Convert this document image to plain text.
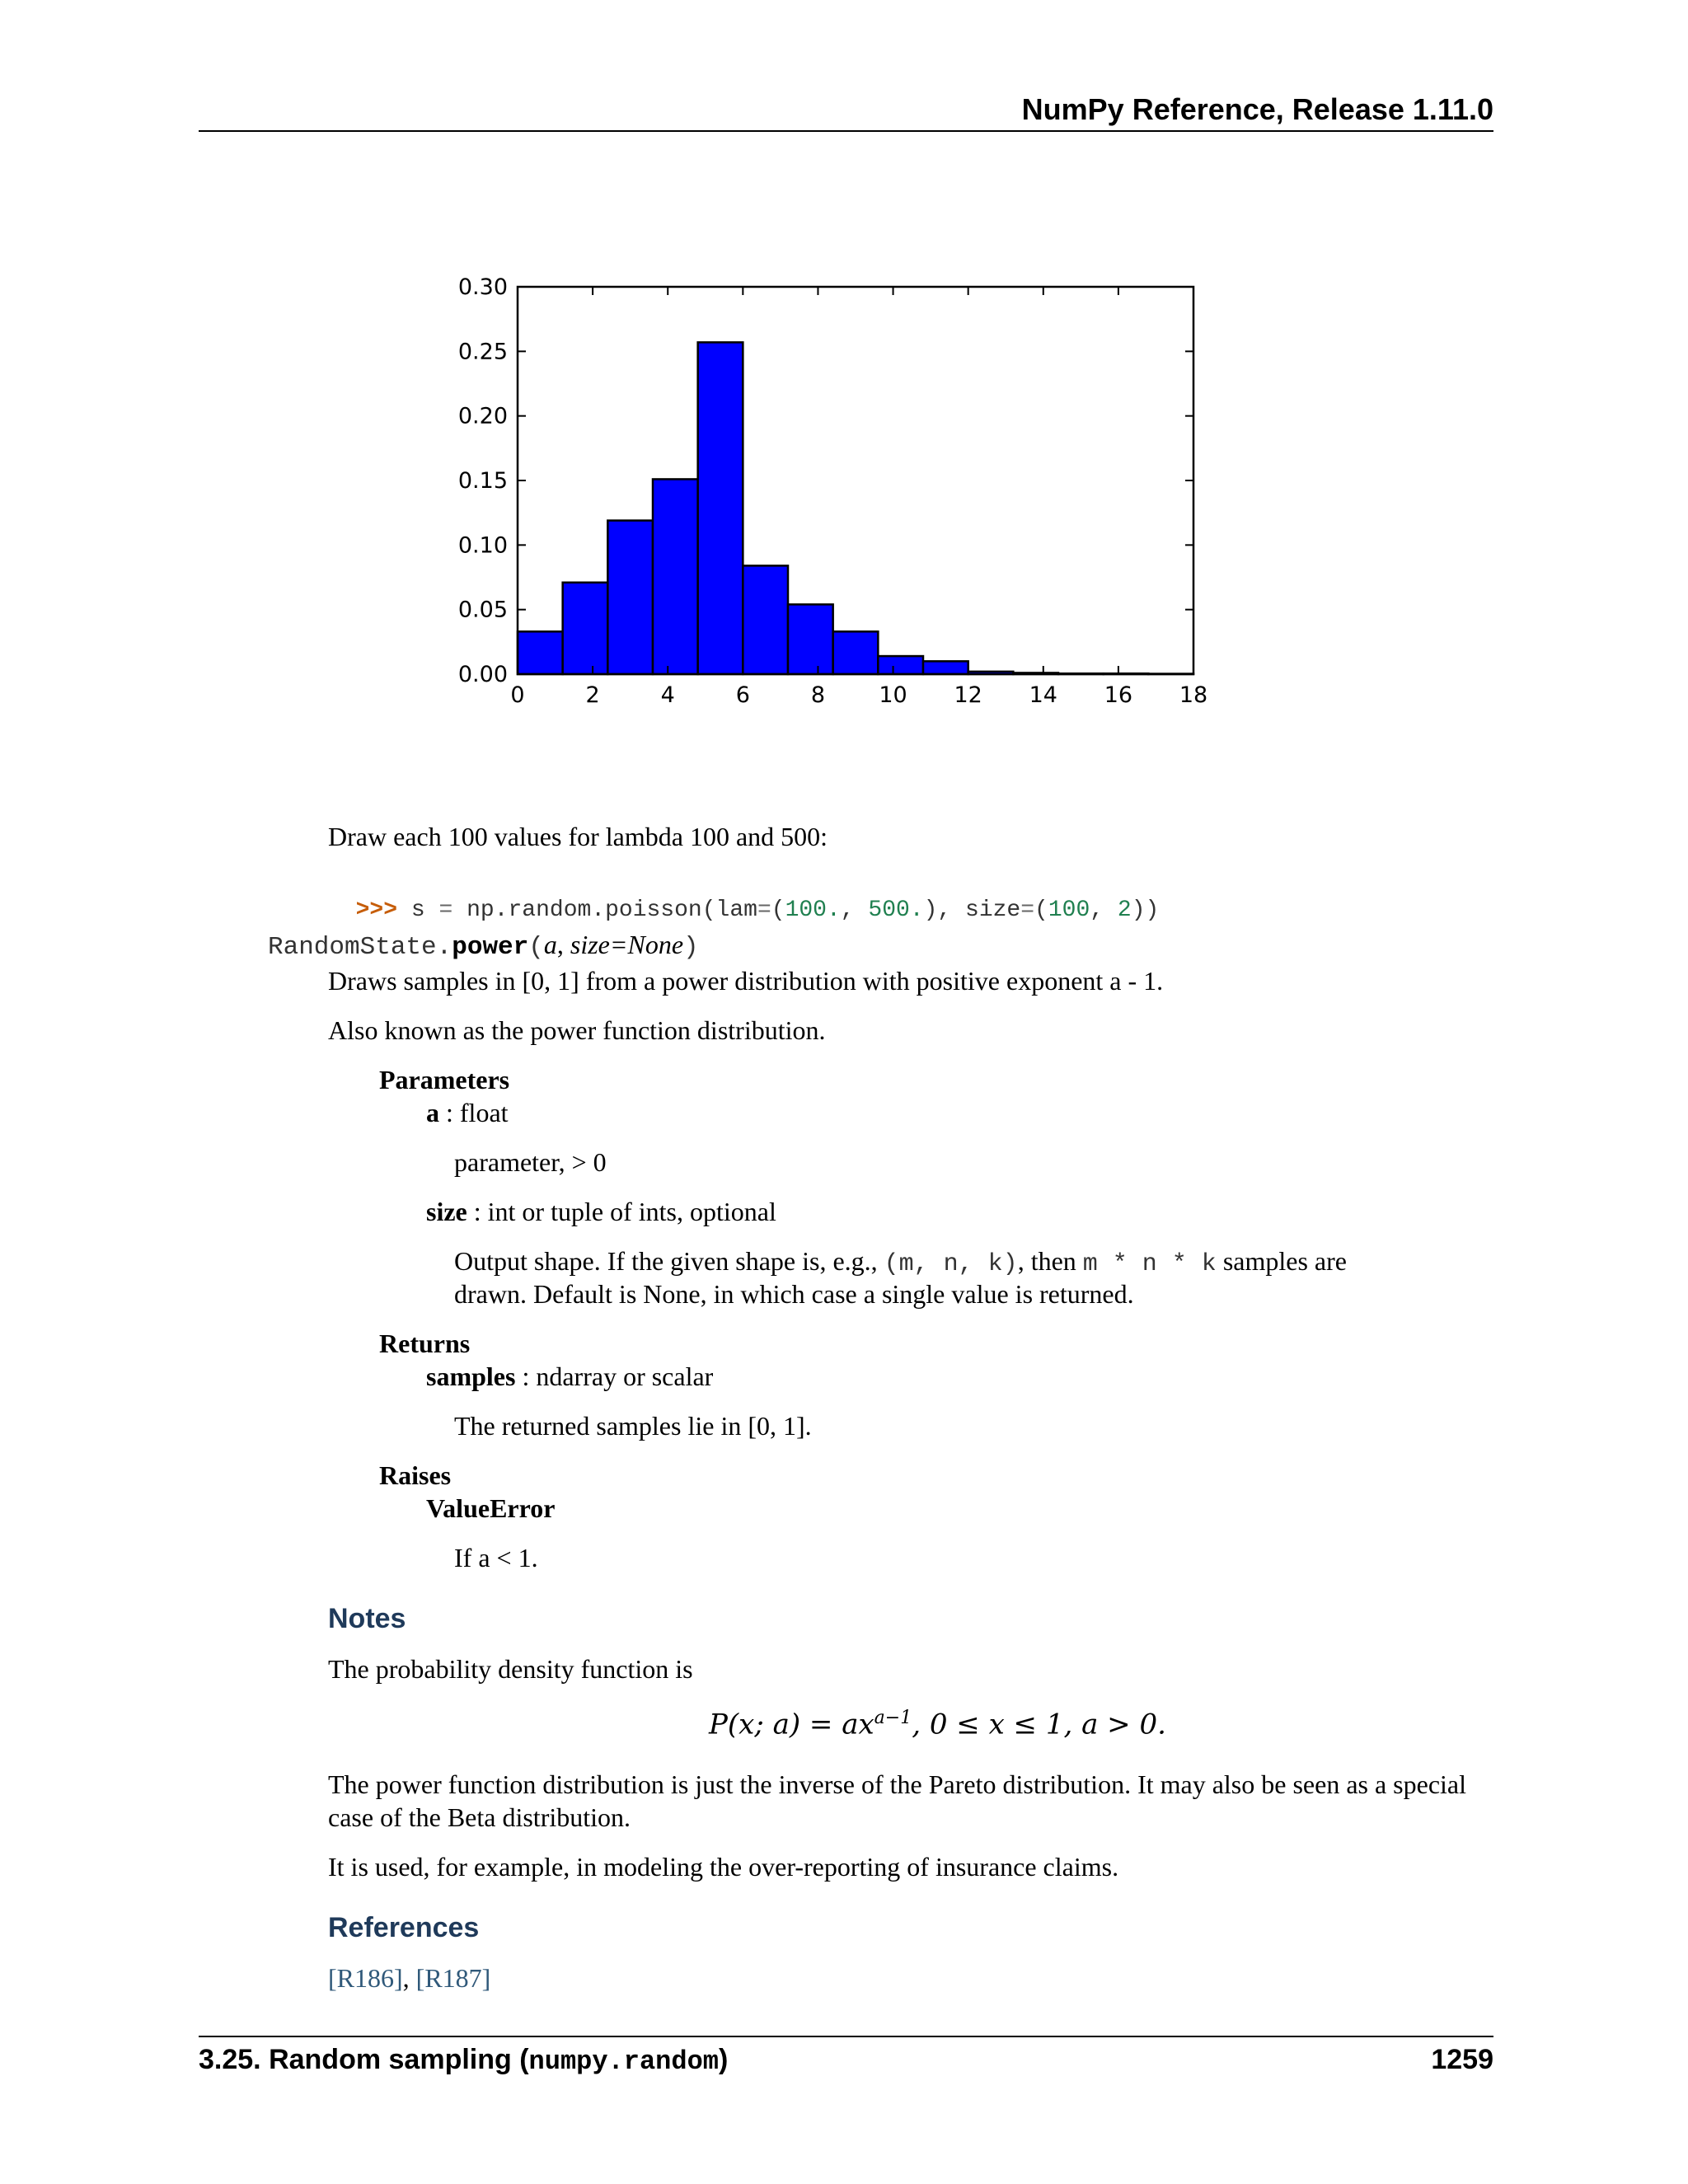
NumPy Reference, Release 1.11.0
0	2	4	6	8 10 12 14 16 18
0.00
0.05
0.10
0.15
0.20
0.25
0.30
Draw each 100 values for lambda 100 and 500:

>>> s = np.random.poisson(lam=(100., 500.), size=(100, 2))

RandomState.power(a, size=None)
Draws samples in [0, 1] from a power distribution with positive exponent a - 1.
Also known as the power function distribution.
Parameters
a : float
parameter, > 0
size : int or tuple of ints, optional
Output shape. If the given shape is, e.g., (m, n, k), then m * n * k samples are
drawn. Default is None, in which case a single value is returned.
Returns
samples : ndarray or scalar
The returned samples lie in [0, 1].
Raises
ValueError
If a < 1.
Notes
The probability density function is
P(x; $a) = ax^{a-1}$, 0 ≤ x ≤ 1, a > 0.
The power function distribution is just the inverse of the Pareto distribution. It may also be seen as a special case of the Beta distribution.
It is used, for example, in modeling the over-reporting of insurance claims.
References
[R186], [R187]
3.25. Random sampling (numpy.random)	1259
